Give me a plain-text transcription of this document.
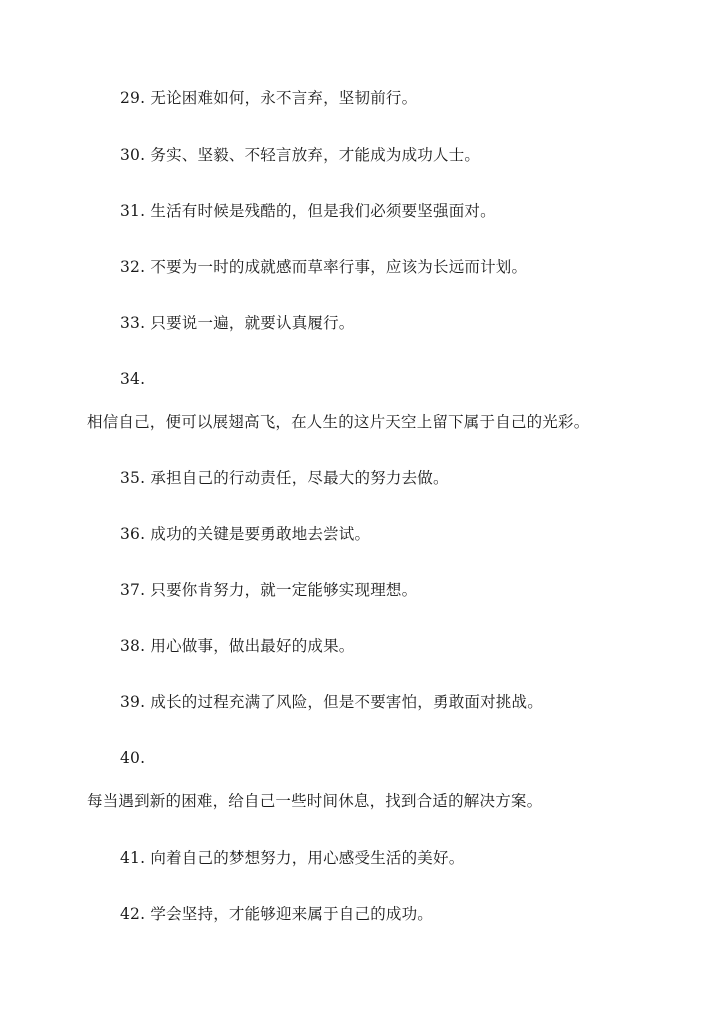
29. 无论困难如何，永不言弃，坚韧前行。
30. 务实、坚毅、不轻言放弃，才能成为成功人士。
31. 生活有时候是残酷的，但是我们必须要坚强面对。
32. 不要为一时的成就感而草率行事，应该为长远而计划。
33. 只要说一遍，就要认真履行。
34.
相信自己，便可以展翅高飞，在人生的这片天空上留下属于自己的光彩。
35. 承担自己的行动责任，尽最大的努力去做。
36. 成功的关键是要勇敢地去尝试。
37. 只要你肯努力，就一定能够实现理想。
38. 用心做事，做出最好的成果。
39. 成长的过程充满了风险，但是不要害怕，勇敢面对挑战。
40.
每当遇到新的困难，给自己一些时间休息，找到合适的解决方案。
41. 向着自己的梦想努力，用心感受生活的美好。
42. 学会坚持，才能够迎来属于自己的成功。
